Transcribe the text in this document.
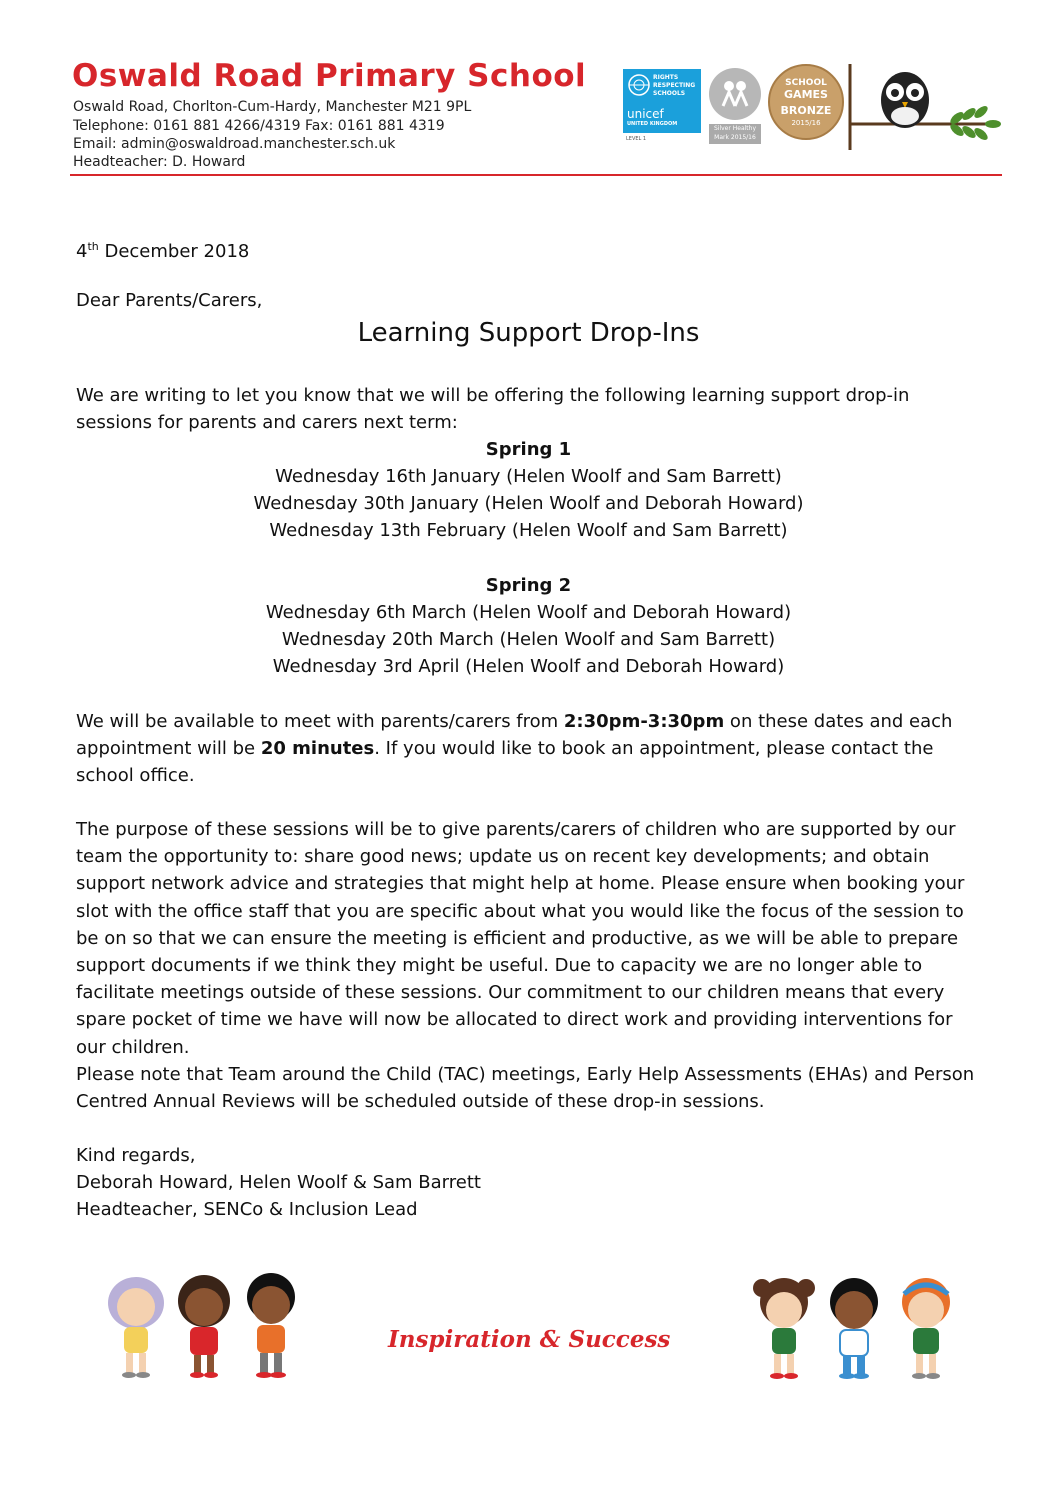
Oswald Road Primary School
Oswald Road, Chorlton-Cum-Hardy, Manchester M21 9PL
Telephone: 0161 881 4266/4319 Fax: 0161 881 4319
Email: admin@oswaldroad.manchester.sch.uk
Headteacher: D. Howard
RIGHTS
RESPECTING
SCHOOLS
unicef
UNITED KINGDOM
LEVEL 1
Silver Healthy
Mark 2015/16
SCHOOL
GAMES
BRONZE
2015/16
4th December 2018
Dear Parents/Carers,
Learning Support Drop-Ins
We are writing to let you know that we will be offering the following learning support drop-in sessions for parents and carers next term:
Spring 1
Wednesday 16th January (Helen Woolf and Sam Barrett)
Wednesday 30th January (Helen Woolf and Deborah Howard)
Wednesday 13th February (Helen Woolf and Sam Barrett)
Spring 2
Wednesday 6th March (Helen Woolf and Deborah Howard)
Wednesday 20th March (Helen Woolf and Sam Barrett)
Wednesday 3rd April (Helen Woolf and Deborah Howard)
We will be available to meet with parents/carers from 2:30pm-3:30pm on these dates and each appointment will be 20 minutes. If you would like to book an appointment, please contact the school office.
The purpose of these sessions will be to give parents/carers of children who are supported by our team the opportunity to: share good news; update us on recent key developments; and obtain support network advice and strategies that might help at home. Please ensure when booking your slot with the office staff that you are specific about what you would like the focus of the session to be on so that we can ensure the meeting is efficient and productive, as we will be able to prepare support documents if we think they might be useful. Due to capacity we are no longer able to facilitate meetings outside of these sessions. Our commitment to our children means that every spare pocket of time we have will now be allocated to direct work and providing interventions for our children.
Please note that Team around the Child (TAC) meetings, Early Help Assessments (EHAs) and Person Centred Annual Reviews will be scheduled outside of these drop-in sessions.
Kind regards,
Deborah Howard, Helen Woolf & Sam Barrett
Headteacher, SENCo & Inclusion Lead
Inspiration & Success
